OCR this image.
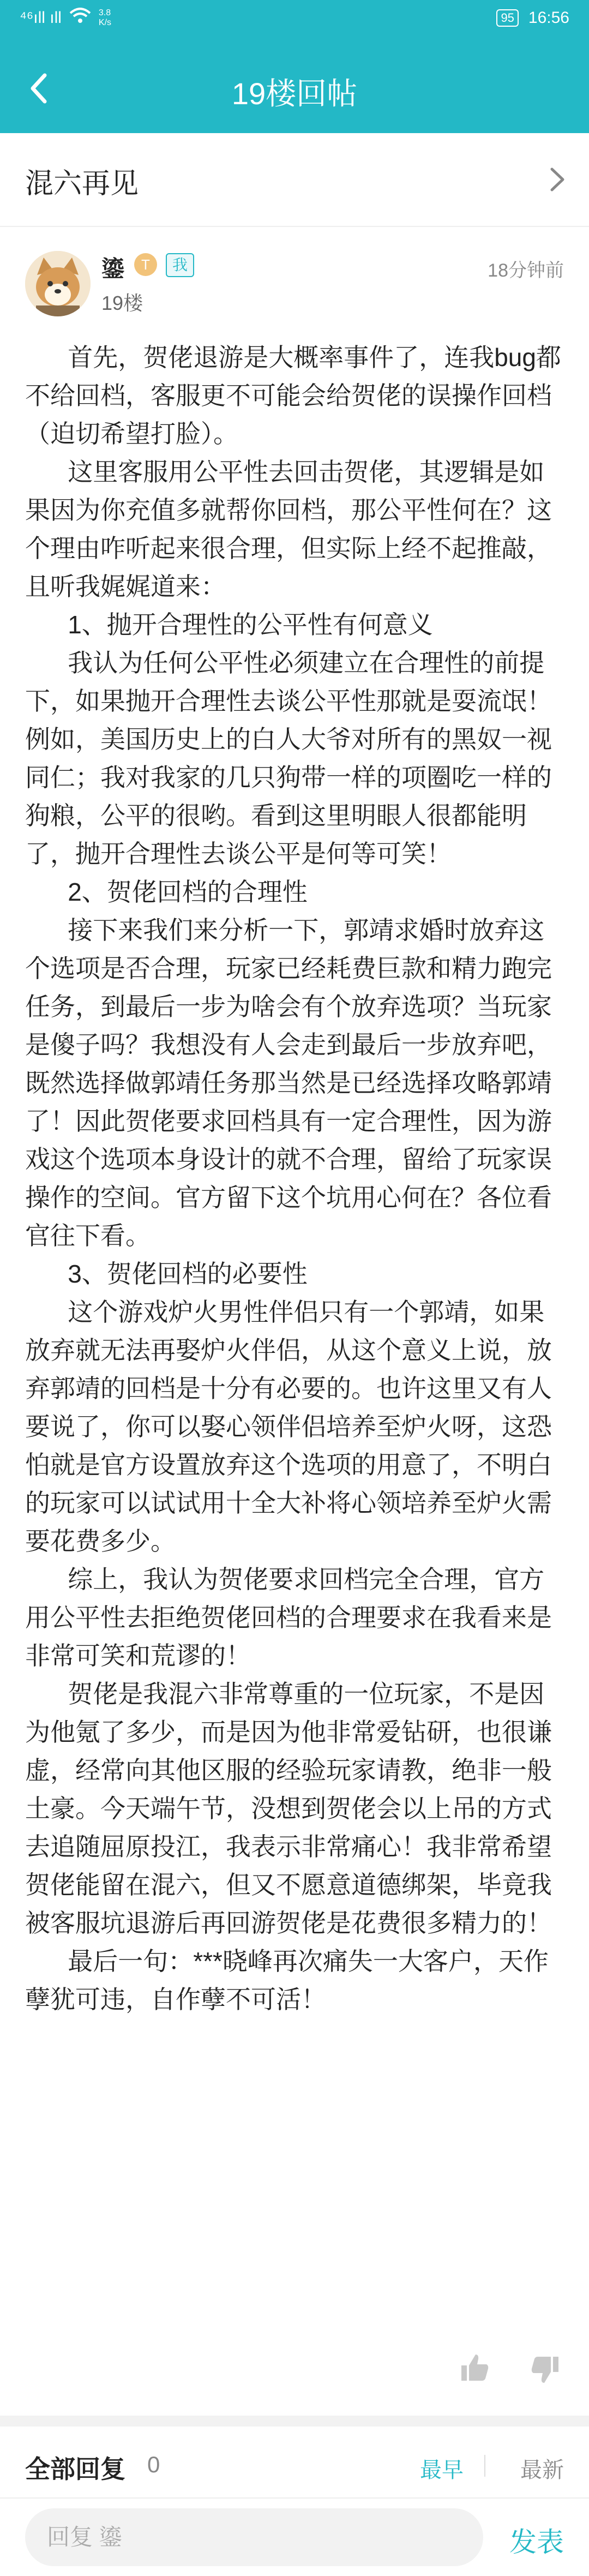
⁴⁶ıll ıll	3.8
K/s	95 16:56
19楼回帖
混六再见
鎏	T	我
19楼
18分钟前

首先，贺佬退游是大概率事件了，连我bug都不给回档，客服更不可能会给贺佬的误操作回档（迫切希望打脸）。

这里客服用公平性去回击贺佬，其逻辑是如果因为你充值多就帮你回档，那公平性何在？这个理由咋听起来很合理，但实际上经不起推敲，且听我娓娓道来：

1、抛开合理性的公平性有何意义

我认为任何公平性必须建立在合理性的前提下，如果抛开合理性去谈公平性那就是耍流氓！例如，美国历史上的白人大爷对所有的黑奴一视同仁；我对我家的几只狗带一样的项圈吃一样的狗粮，公平的很哟。看到这里明眼人很都能明了，抛开合理性去谈公平是何等可笑！

2、贺佬回档的合理性

接下来我们来分析一下，郭靖求婚时放弃这个选项是否合理，玩家已经耗费巨款和精力跑完任务，到最后一步为啥会有个放弃选项？当玩家是傻子吗？我想没有人会走到最后一步放弃吧，既然选择做郭靖任务那当然是已经选择攻略郭靖了！因此贺佬要求回档具有一定合理性，因为游戏这个选项本身设计的就不合理，留给了玩家误操作的空间。官方留下这个坑用心何在？各位看官往下看。

3、贺佬回档的必要性

这个游戏炉火男性伴侣只有一个郭靖，如果放弃就无法再娶炉火伴侣，从这个意义上说，放弃郭靖的回档是十分有必要的。也许这里又有人要说了，你可以娶心领伴侣培养至炉火呀，这恐怕就是官方设置放弃这个选项的用意了，不明白的玩家可以试试用十全大补将心领培养至炉火需要花费多少。

综上，我认为贺佬要求回档完全合理，官方用公平性去拒绝贺佬回档的合理要求在我看来是非常可笑和荒谬的！

贺佬是我混六非常尊重的一位玩家，不是因为他氪了多少，而是因为他非常爱钻研，也很谦虚，经常向其他区服的经验玩家请教，绝非一般土豪。今天端午节，没想到贺佬会以上吊的方式去追随屈原投江，我表示非常痛心！我非常希望贺佬能留在混六，但又不愿意道德绑架，毕竟我被客服坑退游后再回游贺佬是花费很多精力的！

最后一句：***晓峰再次痛失一大客户，天作孽犹可违，自作孽不可活！

全部回复 0	最早	最新
回复 鎏
发表
